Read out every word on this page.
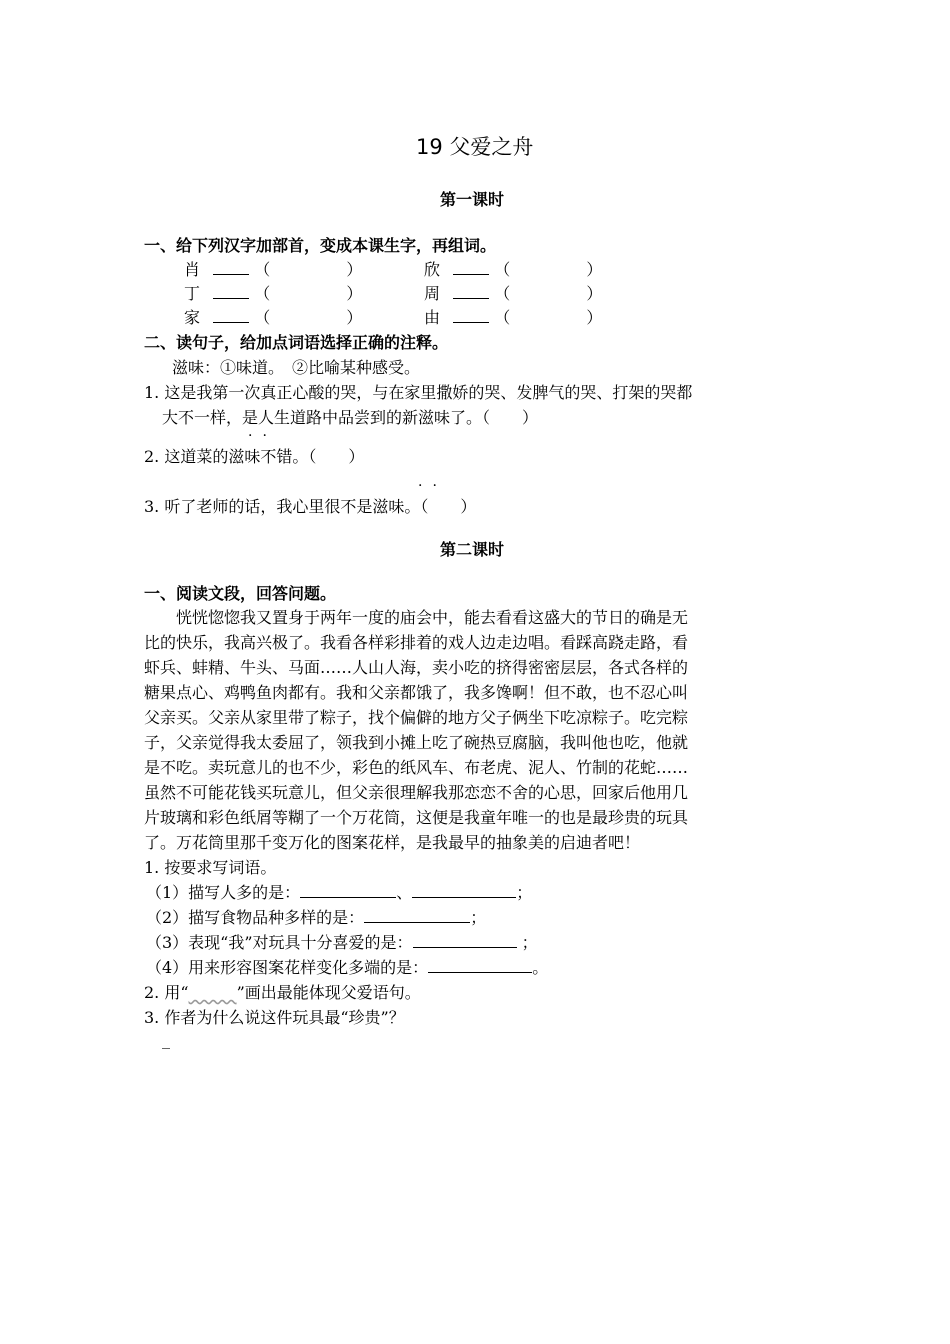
19 父爱之舟
第一课时
一、给下列汉字加部首，变成本课生字，再组词。
肖	（	）	欣	（	）
丁	（	）	周	（	）
家	（	）	由	（	）
二、读句子，给加点词语选择正确的注释。
滋味：①味道。　②比喻某种感受。
1. 这是我第一次真正心酸的哭，与在家里撒娇的哭、发脾气的哭、打架的哭都
大不一样，是人生道路中品尝到的新滋味了。（　　）
··
2. 这道菜的滋味不错。（　　）
··
3. 听了老师的话，我心里很不是滋味。（　　）
第二课时
一、阅读文段，回答问题。
　　恍恍惚惚我又置身于两年一度的庙会中，能去看看这盛大的节日的确是无
比的快乐，我高兴极了。我看各样彩排着的戏人边走边唱。看踩高跷走路，看
虾兵、蚌精、牛头、马面……人山人海，卖小吃的挤得密密层层，各式各样的
糖果点心、鸡鸭鱼肉都有。我和父亲都饿了，我多馋啊！但不敢，也不忍心叫
父亲买。父亲从家里带了粽子，找个偏僻的地方父子俩坐下吃凉粽子。吃完粽
子，父亲觉得我太委屈了，领我到小摊上吃了碗热豆腐脑，我叫他也吃，他就
是不吃。卖玩意儿的也不少，彩色的纸风车、布老虎、泥人、竹制的花蛇……
虽然不可能花钱买玩意儿，但父亲很理解我那恋恋不舍的心思，回家后他用几
片玻璃和彩色纸屑等糊了一个万花筒，这便是我童年唯一的也是最珍贵的玩具
了。万花筒里那千变万化的图案花样，是我最早的抽象美的启迪者吧！
1. 按要求写词语。
（1）描写人多的是：	、	；
（2）描写食物品种多样的是：	；
（3）表现“我”对玩具十分喜爱的是：	；
（4）用来形容图案花样变化多端的是：	。
2. 用“	”画出最能体现父爱语句。
3. 作者为什么说这件玩具最“珍贵”？
_
